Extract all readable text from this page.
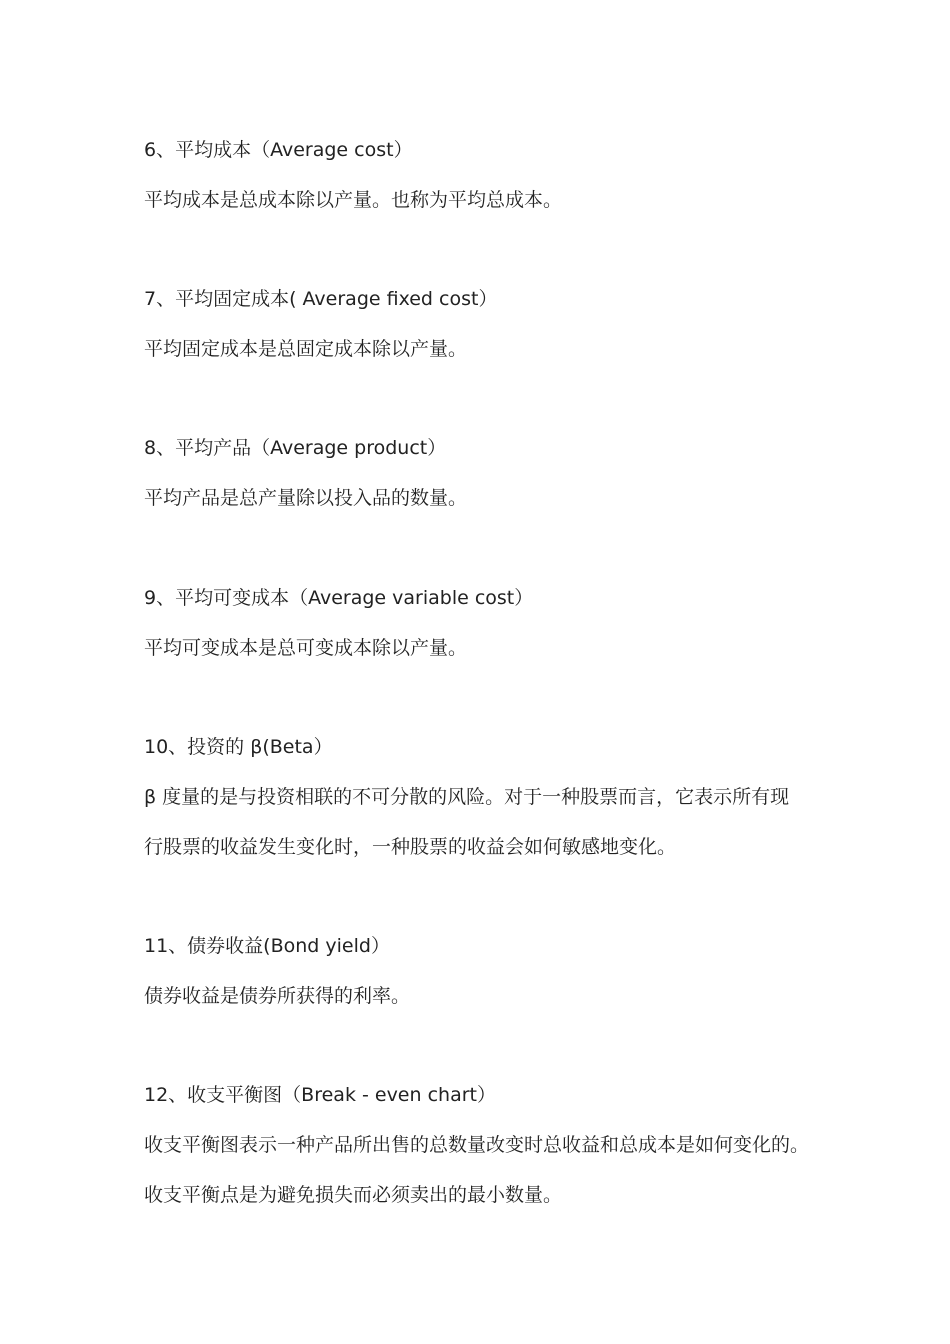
6、平均成本（Average cost）
平均成本是总成本除以产量。也称为平均总成本。
7、平均固定成本( Average fixed cost）
平均固定成本是总固定成本除以产量。
8、平均产品（Average product）
平均产品是总产量除以投入品的数量。
9、平均可变成本（Average variable cost）
平均可变成本是总可变成本除以产量。
10、投资的 β(Beta）
β 度量的是与投资相联的不可分散的风险。对于一种股票而言，它表示所有现
行股票的收益发生变化时，一种股票的收益会如何敏感地变化。
11、债券收益(Bond yield）
债券收益是债券所获得的利率。
12、收支平衡图（Break - even chart）
收支平衡图表示一种产品所出售的总数量改变时总收益和总成本是如何变化的。
收支平衡点是为避免损失而必须卖出的最小数量。
